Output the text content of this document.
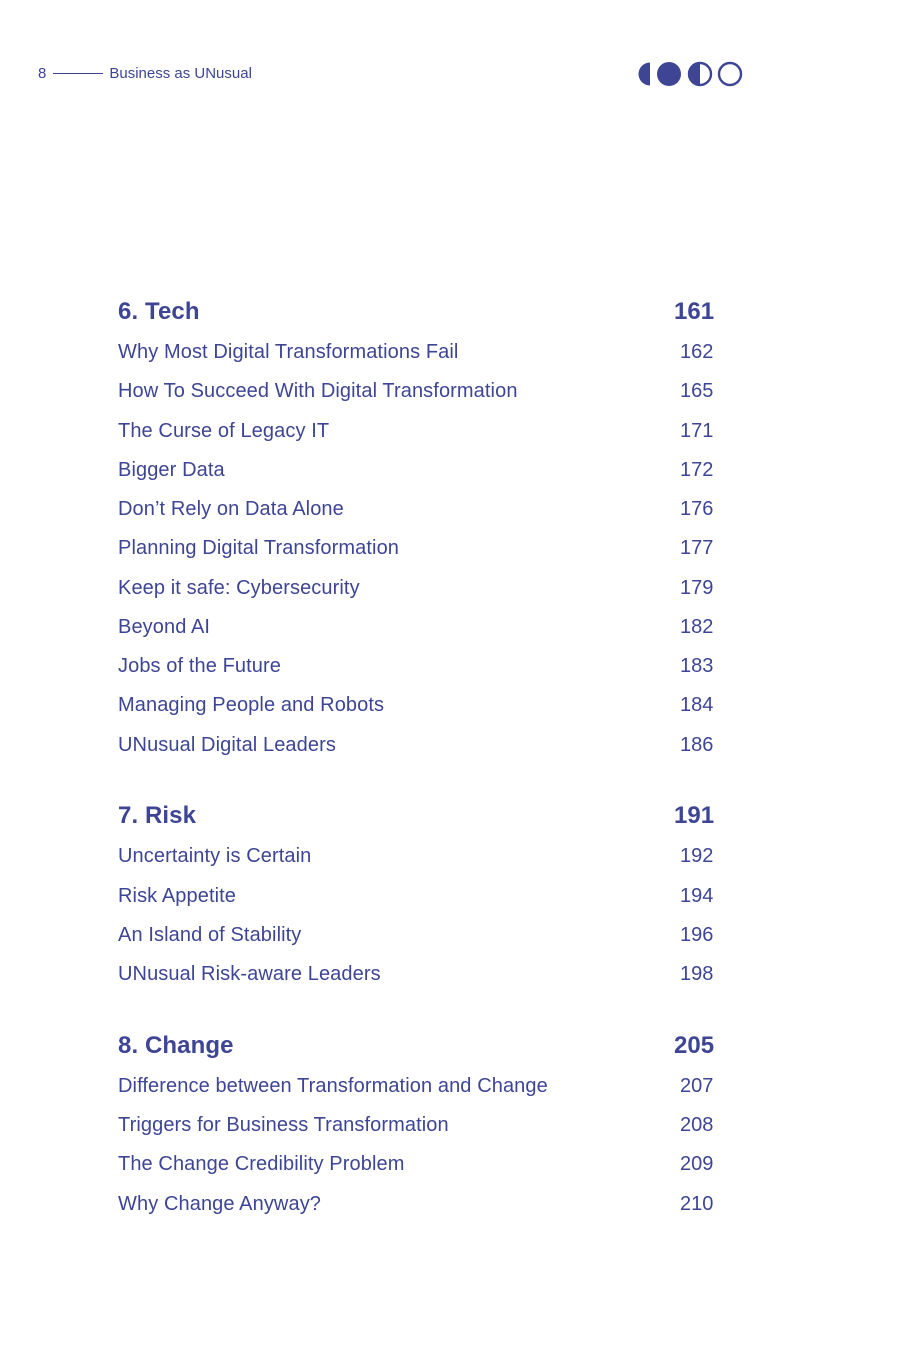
8	Business as UNusual
6. Tech	161
Why Most Digital Transformations Fail	162
How To Succeed With Digital Transformation	165
The Curse of Legacy IT	171
Bigger Data	172
Don’t Rely on Data Alone	176
Planning Digital Transformation	177
Keep it safe: Cybersecurity	179
Beyond AI	182
Jobs of the Future	183
Managing People and Robots	184
UNusual Digital Leaders	186
7. Risk	191
Uncertainty is Certain	192
Risk Appetite	194
An Island of Stability	196
UNusual Risk-aware Leaders	198
8. Change	205
Difference between Transformation and Change	207
Triggers for Business Transformation	208
The Change Credibility Problem	209
Why Change Anyway?	210
